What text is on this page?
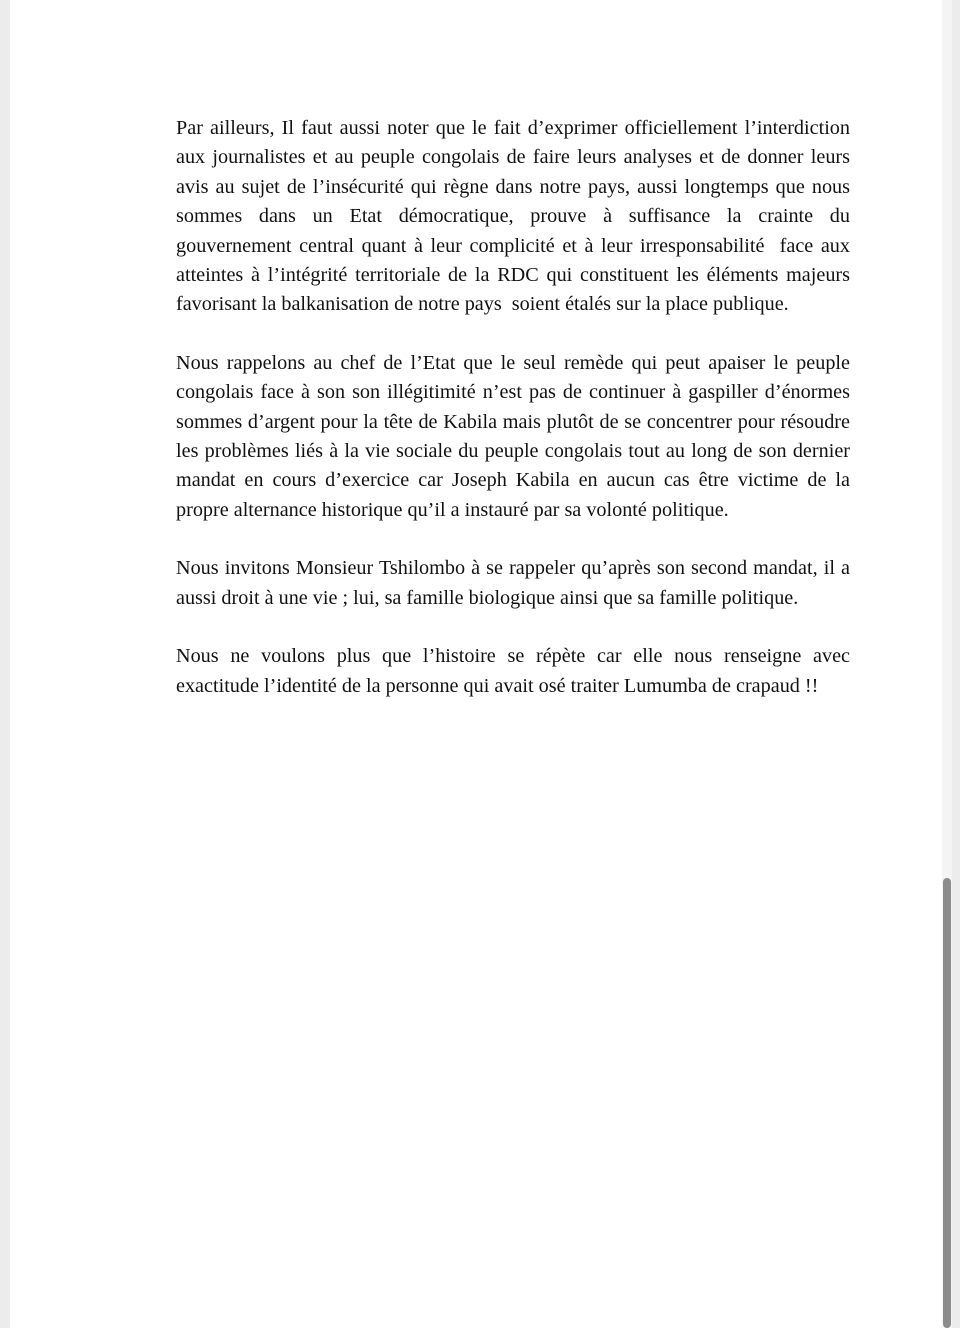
Par ailleurs, Il faut aussi noter que le fait d’exprimer officiellement l’interdiction aux journalistes et au peuple congolais de faire leurs analyses et de donner leurs avis au sujet de l’insécurité qui règne dans notre pays, aussi longtemps que nous sommes dans un Etat démocratique, prouve à suffisance la crainte du gouvernement central quant à leur complicité et à leur irresponsabilité  face aux atteintes à l’intégrité territoriale de la RDC qui constituent les éléments majeurs favorisant la balkanisation de notre pays  soient étalés sur la place publique.

Nous rappelons au chef de l’Etat que le seul remède qui peut apaiser le peuple congolais face à son son illégitimité n’est pas de continuer à gaspiller d’énormes sommes d’argent pour la tête de Kabila mais plutôt de se concentrer pour résoudre les problèmes liés à la vie sociale du peuple congolais tout au long de son dernier mandat en cours d’exercice car Joseph Kabila en aucun cas être victime de la propre alternance historique qu’il a instauré par sa volonté politique.

Nous invitons Monsieur Tshilombo à se rappeler qu’après son second mandat, il a aussi droit à une vie ; lui, sa famille biologique ainsi que sa famille politique.

Nous ne voulons plus que l’histoire se répète car elle nous renseigne avec exactitude l’identité de la personne qui avait osé traiter Lumumba de crapaud !!
